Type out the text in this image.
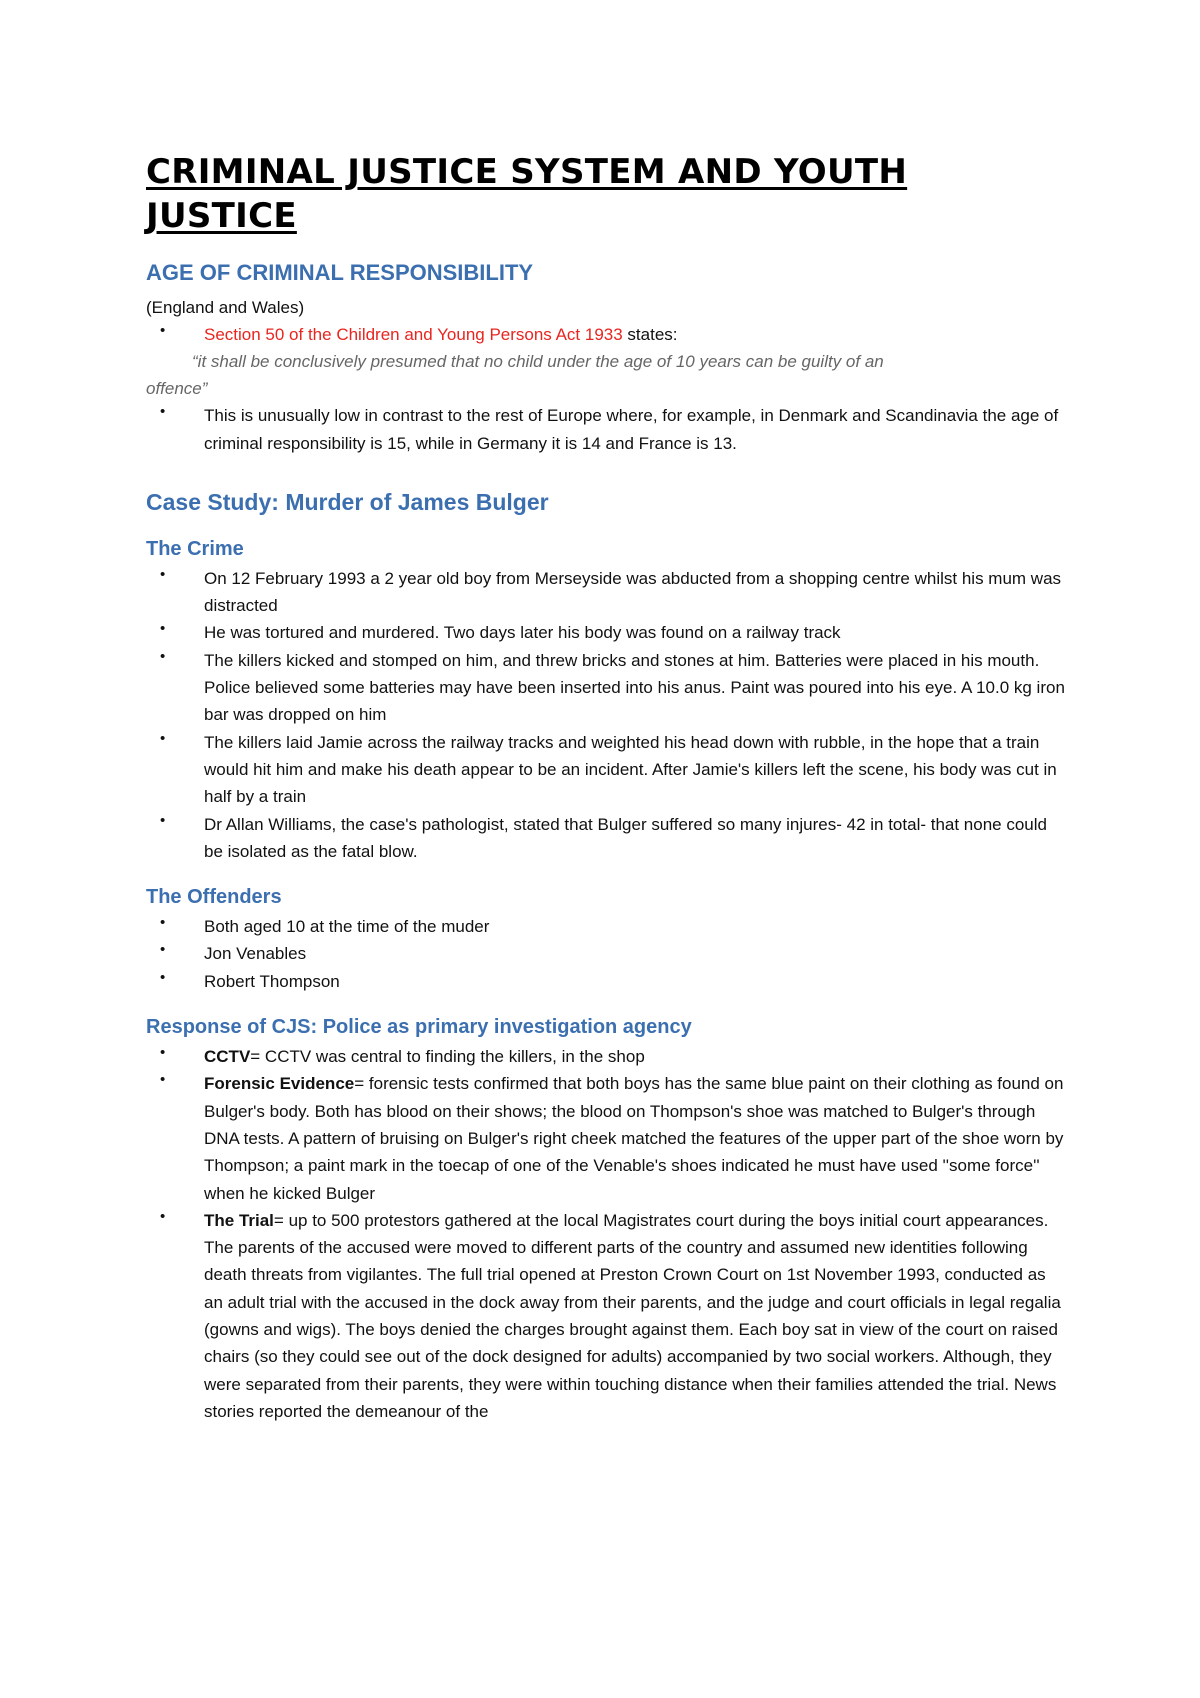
CRIMINAL JUSTICE SYSTEM AND YOUTH JUSTICE
AGE OF CRIMINAL RESPONSIBILITY

(England and Wales)

• Section 50 of the Children and Young Persons Act 1933 states:

“it shall be conclusively presumed that no child under the age of 10 years can be guilty of an
offence”

• This is unusually low in contrast to the rest of Europe where, for example, in Denmark and Scandinavia the age of criminal responsibility is 15, while in Germany it is 14 and France is 13.
Case Study: Murder of James Bulger
The Crime
• On 12 February 1993 a 2 year old boy from Merseyside was abducted from a shopping centre whilst his mum was distracted
• He was tortured and murdered. Two days later his body was found on a railway track
• The killers kicked and stomped on him, and threw bricks and stones at him. Batteries were placed in his mouth. Police believed some batteries may have been inserted into his anus. Paint was poured into his eye. A 10.0 kg iron bar was dropped on him
• The killers laid Jamie across the railway tracks and weighted his head down with rubble, in the hope that a train would hit him and make his death appear to be an incident. After Jamie's killers left the scene, his body was cut in half by a train
• Dr Allan Williams, the case's pathologist, stated that Bulger suffered so many injures- 42 in total- that none could be isolated as the fatal blow.
The Offenders
• Both aged 10 at the time of the muder
• Jon Venables
• Robert Thompson
Response of CJS: Police as primary investigation agency
• CCTV= CCTV was central to finding the killers, in the shop
• Forensic Evidence= forensic tests confirmed that both boys has the same blue paint on their clothing as found on Bulger's body. Both has blood on their shows; the blood on Thompson's shoe was matched to Bulger's through DNA tests. A pattern of bruising on Bulger's right cheek matched the features of the upper part of the shoe worn by Thompson; a paint mark in the toecap of one of the Venable's shoes indicated he must have used ''some force'' when he kicked Bulger
• The Trial= up to 500 protestors gathered at the local Magistrates court during the boys initial court appearances. The parents of the accused were moved to different parts of the country and assumed new identities following death threats from vigilantes. The full trial opened at Preston Crown Court on 1st November 1993, conducted as an adult trial with the accused in the dock away from their parents, and the judge and court officials in legal regalia (gowns and wigs). The boys denied the charges brought against them. Each boy sat in view of the court on raised chairs (so they could see out of the dock designed for adults) accompanied by two social workers. Although, they were separated from their parents, they were within touching distance when their families attended the trial. News stories reported the demeanour of the
